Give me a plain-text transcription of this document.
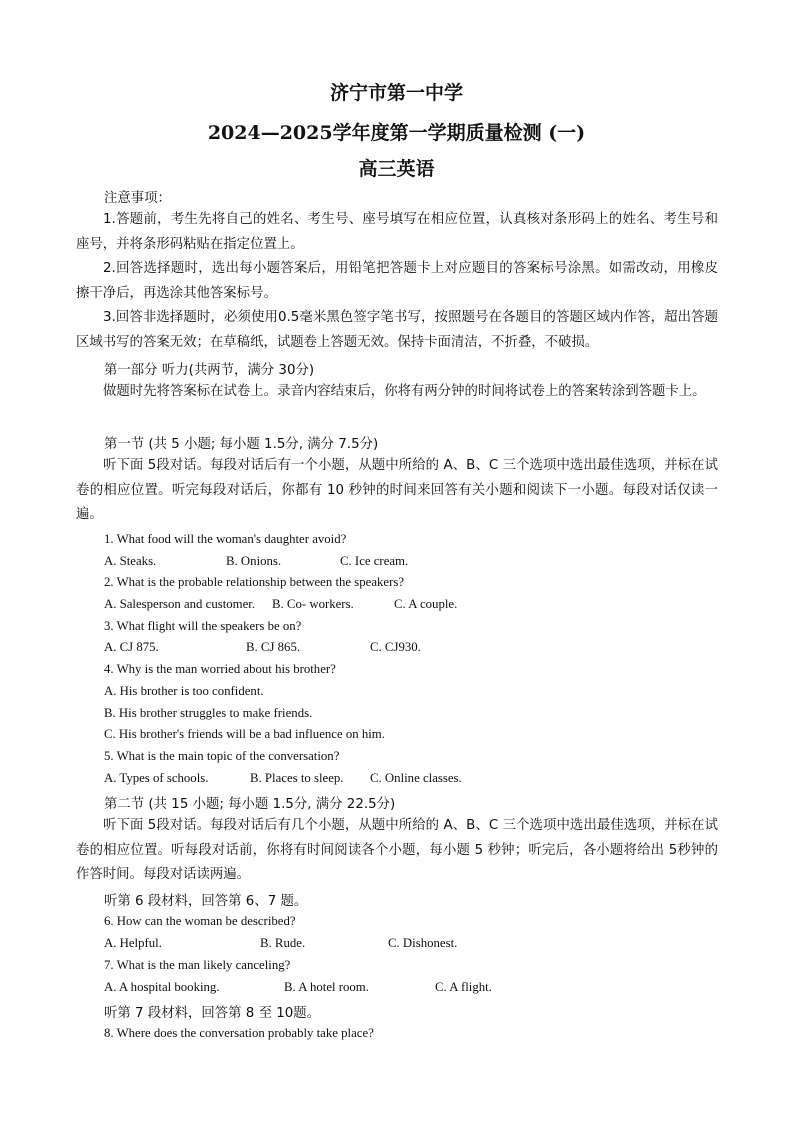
济宁市第一中学
2024—2025学年度第一学期质量检测 (一)
高三英语
注意事项：
1.答题前，考生先将自己的姓名、考生号、座号填写在相应位置，认真核对条形码上的姓名、考生号和座号，并将条形码粘贴在指定位置上。
2.回答选择题时，选出每小题答案后，用铅笔把答题卡上对应题目的答案标号涂黑。如需改动，用橡皮擦干净后，再选涂其他答案标号。
3.回答非选择题时，必须使用0.5毫米黑色签字笔书写，按照题号在各题目的答题区域内作答，超出答题区域书写的答案无效；在草稿纸，试题卷上答题无效。保持卡面清洁，不折叠，不破损。
第一部分 听力(共两节，满分 30分)
做题时先将答案标在试卷上。录音内容结束后，你将有两分钟的时间将试卷上的答案转涂到答题卡上。
第一节 (共 5 小题; 每小题 1.5分, 满分 7.5分)
听下面 5段对话。每段对话后有一个小题，从题中所给的 A、B、C 三个选项中选出最佳选项，并标在试卷的相应位置。听完每段对话后，你都有 10 秒钟的时间来回答有关小题和阅读下一小题。每段对话仅读一遍。
1. What food will the woman's daughter avoid?
A. Steaks.	B. Onions.	C. Ice cream.
2. What is the probable relationship between the speakers?
A. Salesperson and customer. B. Co- workers.	C. A couple.
3. What flight will the speakers be on?
A. CJ 875.	B. CJ 865.	C. CJ930.
4. Why is the man worried about his brother?
A. His brother is too confident.
B. His brother struggles to make friends.
C. His brother's friends will be a bad influence on him.
5. What is the main topic of the conversation?
A. Types of schools.	B. Places to sleep. C. Online classes.
第二节 (共 15 小题; 每小题 1.5分, 满分 22.5分)
听下面 5段对话。每段对话后有几个小题，从题中所给的 A、B、C 三个选项中选出最佳选项，并标在试卷的相应位置。听每段对话前，你将有时间阅读各个小题，每小题 5 秒钟；听完后，各小题将给出 5秒钟的作答时间。每段对话读两遍。
听第 6 段材料，回答第 6、7 题。
6. How can the woman be described?
A. Helpful.	B. Rude.	C. Dishonest.
7. What is the man likely canceling?
A. A hospital booking.	B. A hotel room.	C. A flight.
听第 7 段材料，回答第 8 至 10题。
8. Where does the conversation probably take place?
